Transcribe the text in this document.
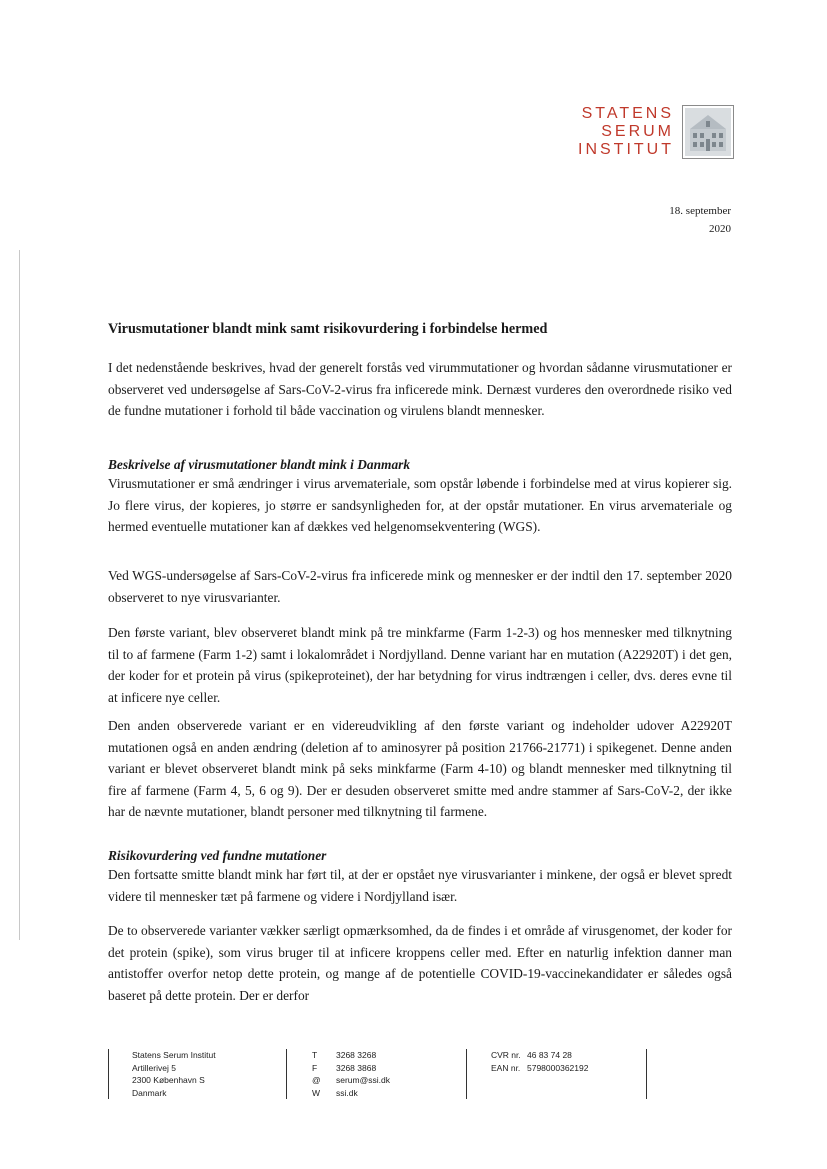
STATENS
SERUM
INSTITUT
18. september
2020
Virusmutationer blandt mink samt risikovurdering i forbindelse hermed
I det nedenstående beskrives, hvad der generelt forstås ved virummutationer og hvordan sådanne virusmutationer er observeret ved undersøgelse af Sars-CoV-2-virus fra inficerede mink. Dernæst vurderes den overordnede risiko ved de fundne mutationer i forhold til både vaccination og virulens blandt mennesker.
Beskrivelse af virusmutationer blandt mink i Danmark
Virusmutationer er små ændringer i virus arvemateriale, som opstår løbende i forbindelse med at virus kopierer sig. Jo flere virus, der kopieres, jo større er sandsynligheden for, at der opstår mutationer. En virus arvemateriale og hermed eventuelle mutationer kan af dækkes ved helgenomsekventering (WGS).
Ved WGS-undersøgelse af Sars-CoV-2-virus fra inficerede mink og mennesker er der indtil den 17. september 2020 observeret to nye virusvarianter.
Den første variant, blev observeret blandt mink på tre minkfarme (Farm 1-2-3) og hos mennesker med tilknytning til to af farmene (Farm 1-2) samt i lokalområdet i Nordjylland. Denne variant har en mutation (A22920T) i det gen, der koder for et protein på virus (spikeproteinet), der har betydning for virus indtrængen i celler, dvs. deres evne til at inficere nye celler.
Den anden observerede variant er en videreudvikling af den første variant og indeholder udover A22920T mutationen også en anden ændring (deletion af to aminosyrer på position 21766-21771) i spikegenet. Denne anden variant er blevet observeret blandt mink på seks minkfarme (Farm 4-10) og blandt mennesker med tilknytning til fire af farmene (Farm 4, 5, 6 og 9). Der er desuden observeret smitte med andre stammer af Sars-CoV-2, der ikke har de nævnte mutationer, blandt personer med tilknytning til farmene.
Risikovurdering ved fundne mutationer
Den fortsatte smitte blandt mink har ført til, at der er opstået nye virusvarianter i minkene, der også er blevet spredt videre til mennesker tæt på farmene og videre i Nordjylland især.
De to observerede varianter vækker særligt opmærksomhed, da de findes i et område af virusgenomet, der koder for det protein (spike), som virus bruger til at inficere kroppens celler med. Efter en naturlig infektion danner man antistoffer overfor netop dette protein, og mange af de potentielle COVID-19-vaccinekandidater er således også baseret på dette protein. Der er derfor
Statens Serum Institut
Artillerivej 5
2300 København S
Danmark
T	3268 3268
F	3268 3868
@	serum@ssi.dk
W	ssi.dk
CVR nr. 46 83 74 28
EAN nr. 5798000362192
